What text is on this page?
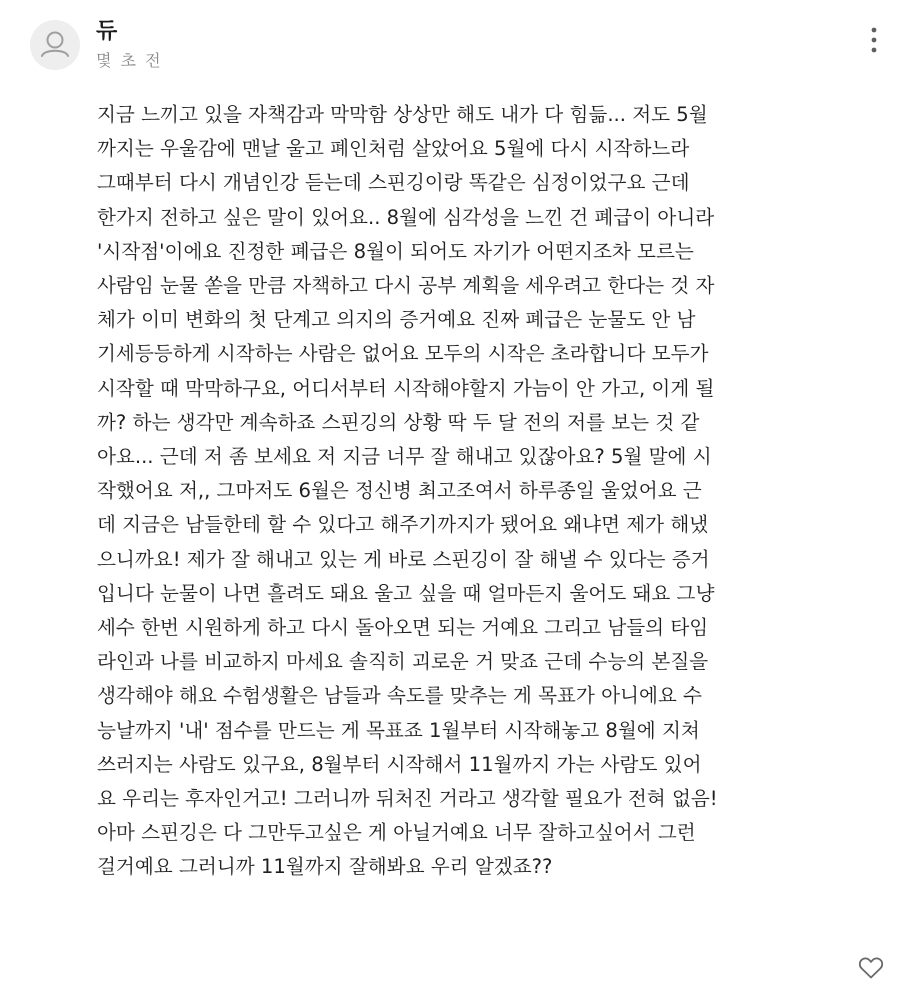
듀
몇 초 전
지금 느끼고 있을 자책감과 막막함 상상만 해도 내가 다 힘듦... 저도 5월
까지는 우울감에 맨날 울고 폐인처럼 살았어요 5월에 다시 시작하느라
그때부터 다시 개념인강 듣는데 스핀깅이랑 똑같은 심정이었구요 근데
한가지 전하고 싶은 말이 있어요.. 8월에 심각성을 느낀 건 폐급이 아니라
'시작점'이에요 진정한 폐급은 8월이 되어도 자기가 어떤지조차 모르는
사람임 눈물 쏟을 만큼 자책하고 다시 공부 계획을 세우려고 한다는 것 자
체가 이미 변화의 첫 단계고 의지의 증거예요 진짜 폐급은 눈물도 안 남
기세등등하게 시작하는 사람은 없어요 모두의 시작은 초라합니다 모두가
시작할 때 막막하구요, 어디서부터 시작해야할지 가늠이 안 가고, 이게 될
까? 하는 생각만 계속하죠 스핀깅의 상황 딱 두 달 전의 저를 보는 것 같
아요... 근데 저 좀 보세요 저 지금 너무 잘 해내고 있잖아요? 5월 말에 시
작했어요 저,, 그마저도 6월은 정신병 최고조여서 하루종일 울었어요 근
데 지금은 남들한테 할 수 있다고 해주기까지가 됐어요 왜냐면 제가 해냈
으니까요! 제가 잘 해내고 있는 게 바로 스핀깅이 잘 해낼 수 있다는 증거
입니다 눈물이 나면 흘려도 돼요 울고 싶을 때 얼마든지 울어도 돼요 그냥
세수 한번 시원하게 하고 다시 돌아오면 되는 거예요 그리고 남들의 타임
라인과 나를 비교하지 마세요 솔직히 괴로운 거 맞죠 근데 수능의 본질을
생각해야 해요 수험생활은 남들과 속도를 맞추는 게 목표가 아니에요 수
능날까지 '내' 점수를 만드는 게 목표죠 1월부터 시작해놓고 8월에 지쳐
쓰러지는 사람도 있구요, 8월부터 시작해서 11월까지 가는 사람도 있어
요 우리는 후자인거고! 그러니까 뒤처진 거라고 생각할 필요가 전혀 없음!
아마 스핀깅은 다 그만두고싶은 게 아닐거예요 너무 잘하고싶어서 그런
걸거예요 그러니까 11월까지 잘해봐요 우리 알겠죠??
